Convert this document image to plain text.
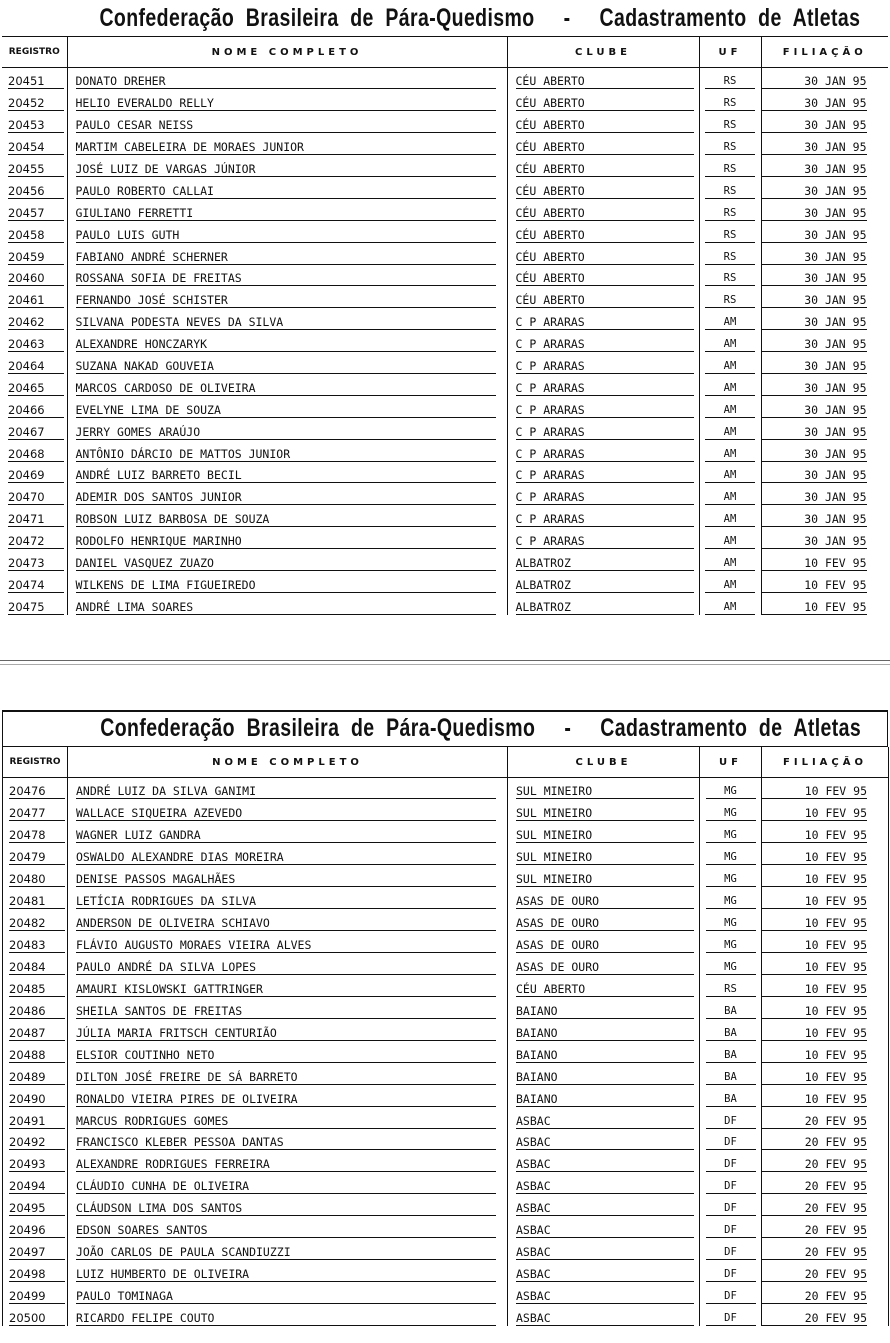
Confederação  Brasileira  de  Pára-Quedismo     -     Cadastramento  de  Atletas
REGISTRO	NOME COMPLETO	CLUBE	UF	FILIAÇÃO
20451	DONATO DREHER	CÉU ABERTO	RS	30 JAN 95
20452	HELIO EVERALDO RELLY	CÉU ABERTO	RS	30 JAN 95
20453	PAULO CESAR NEISS	CÉU ABERTO	RS	30 JAN 95
20454	MARTIM CABELEIRA DE MORAES JUNIOR	CÉU ABERTO	RS	30 JAN 95
20455	JOSÉ LUIZ DE VARGAS JÚNIOR	CÉU ABERTO	RS	30 JAN 95
20456	PAULO ROBERTO CALLAI	CÉU ABERTO	RS	30 JAN 95
20457	GIULIANO FERRETTI	CÉU ABERTO	RS	30 JAN 95
20458	PAULO LUIS GUTH	CÉU ABERTO	RS	30 JAN 95
20459	FABIANO ANDRÉ SCHERNER	CÉU ABERTO	RS	30 JAN 95
20460	ROSSANA SOFIA DE FREITAS	CÉU ABERTO	RS	30 JAN 95
20461	FERNANDO JOSÉ SCHISTER	CÉU ABERTO	RS	30 JAN 95
20462	SILVANA PODESTA NEVES DA SILVA	C P ARARAS	AM	30 JAN 95
20463	ALEXANDRE HONCZARYK	C P ARARAS	AM	30 JAN 95
20464	SUZANA NAKAD GOUVEIA	C P ARARAS	AM	30 JAN 95
20465	MARCOS CARDOSO DE OLIVEIRA	C P ARARAS	AM	30 JAN 95
20466	EVELYNE LIMA DE SOUZA	C P ARARAS	AM	30 JAN 95
20467	JERRY GOMES ARAÚJO	C P ARARAS	AM	30 JAN 95
20468	ANTÔNIO DÁRCIO DE MATTOS JUNIOR	C P ARARAS	AM	30 JAN 95
20469	ANDRÉ LUIZ BARRETO BECIL	C P ARARAS	AM	30 JAN 95
20470	ADEMIR DOS SANTOS JUNIOR	C P ARARAS	AM	30 JAN 95
20471	ROBSON LUIZ BARBOSA DE SOUZA	C P ARARAS	AM	30 JAN 95
20472	RODOLFO HENRIQUE MARINHO	C P ARARAS	AM	30 JAN 95
20473	DANIEL VASQUEZ ZUAZO	ALBATROZ	AM	10 FEV 95
20474	WILKENS DE LIMA FIGUEIREDO	ALBATROZ	AM	10 FEV 95
20475	ANDRÉ LIMA SOARES	ALBATROZ	AM	10 FEV 95
Confederação  Brasileira  de  Pára-Quedismo     -     Cadastramento  de  Atletas
REGISTRO	NOME COMPLETO	CLUBE	UF	FILIAÇÃO
20476	ANDRÉ LUIZ DA SILVA GANIMI	SUL MINEIRO	MG	10 FEV 95
20477	WALLACE SIQUEIRA AZEVEDO	SUL MINEIRO	MG	10 FEV 95
20478	WAGNER LUIZ GANDRA	SUL MINEIRO	MG	10 FEV 95
20479	OSWALDO ALEXANDRE DIAS MOREIRA	SUL MINEIRO	MG	10 FEV 95
20480	DENISE PASSOS MAGALHÃES	SUL MINEIRO	MG	10 FEV 95
20481	LETÍCIA RODRIGUES DA SILVA	ASAS DE OURO	MG	10 FEV 95
20482	ANDERSON DE OLIVEIRA SCHIAVO	ASAS DE OURO	MG	10 FEV 95
20483	FLÁVIO AUGUSTO MORAES VIEIRA ALVES	ASAS DE OURO	MG	10 FEV 95
20484	PAULO ANDRÉ DA SILVA LOPES	ASAS DE OURO	MG	10 FEV 95
20485	AMAURI KISLOWSKI GATTRINGER	CÉU ABERTO	RS	10 FEV 95
20486	SHEILA SANTOS DE FREITAS	BAIANO	BA	10 FEV 95
20487	JÚLIA MARIA FRITSCH CENTURIÃO	BAIANO	BA	10 FEV 95
20488	ELSIOR COUTINHO NETO	BAIANO	BA	10 FEV 95
20489	DILTON JOSÉ FREIRE DE SÁ BARRETO	BAIANO	BA	10 FEV 95
20490	RONALDO VIEIRA PIRES DE OLIVEIRA	BAIANO	BA	10 FEV 95
20491	MARCUS RODRIGUES GOMES	ASBAC	DF	20 FEV 95
20492	FRANCISCO KLEBER PESSOA DANTAS	ASBAC	DF	20 FEV 95
20493	ALEXANDRE RODRIGUES FERREIRA	ASBAC	DF	20 FEV 95
20494	CLÁUDIO CUNHA DE OLIVEIRA	ASBAC	DF	20 FEV 95
20495	CLÁUDSON LIMA DOS SANTOS	ASBAC	DF	20 FEV 95
20496	EDSON SOARES SANTOS	ASBAC	DF	20 FEV 95
20497	JOÃO CARLOS DE PAULA SCANDIUZZI	ASBAC	DF	20 FEV 95
20498	LUIZ HUMBERTO DE OLIVEIRA	ASBAC	DF	20 FEV 95
20499	PAULO TOMINAGA	ASBAC	DF	20 FEV 95
20500	RICARDO FELIPE COUTO	ASBAC	DF	20 FEV 95
